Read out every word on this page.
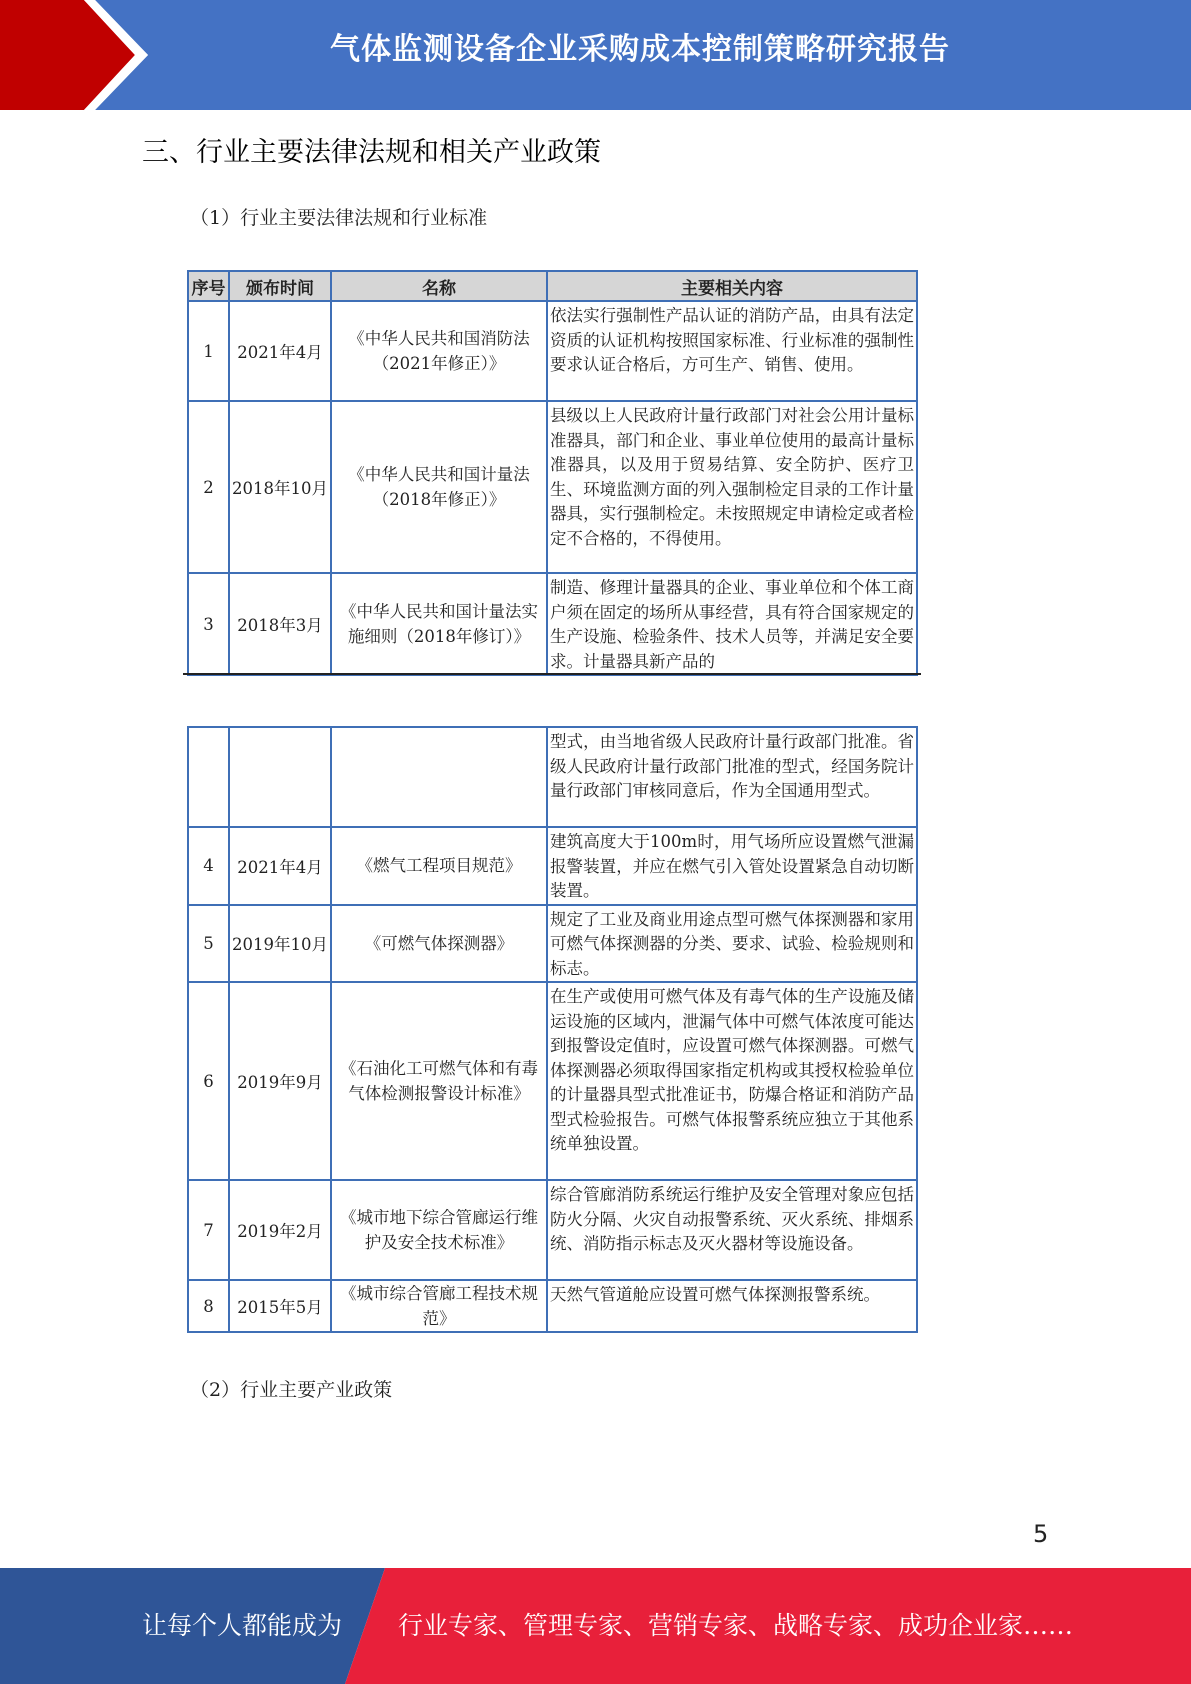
气体监测设备企业采购成本控制策略研究报告
三、行业主要法律法规和相关产业政策
（1）行业主要法律法规和行业标准
序号	颁布时间	名称	主要相关内容
1	2021年4月	《中华人民共和国消防法（2021年修正）》	依法实行强制性产品认证的消防产品，由具有法定资质的认证机构按照国家标准、行业标准的强制性要求认证合格后，方可生产、销售、使用。
2	2018年10月	《中华人民共和国计量法（2018年修正）》	县级以上人民政府计量行政部门对社会公用计量标准器具，部门和企业、事业单位使用的最高计量标准器具，以及用于贸易结算、安全防护、医疗卫生、环境监测方面的列入强制检定目录的工作计量器具，实行强制检定。未按照规定申请检定或者检定不合格的，不得使用。
3	2018年3月	《中华人民共和国计量法实施细则（2018年修订）》	制造、修理计量器具的企业、事业单位和个体工商户须在固定的场所从事经营，具有符合国家规定的生产设施、检验条件、技术人员等，并满足安全要求。计量器具新产品的
			型式，由当地省级人民政府计量行政部门批准。省级人民政府计量行政部门批准的型式，经国务院计量行政部门审核同意后，作为全国通用型式。
4	2021年4月	《燃气工程项目规范》	建筑高度大于100m时，用气场所应设置燃气泄漏报警装置，并应在燃气引入管处设置紧急自动切断装置。
5	2019年10月	《可燃气体探测器》	规定了工业及商业用途点型可燃气体探测器和家用可燃气体探测器的分类、要求、试验、检验规则和标志。
6	2019年9月	《石油化工可燃气体和有毒气体检测报警设计标准》	在生产或使用可燃气体及有毒气体的生产设施及储运设施的区域内，泄漏气体中可燃气体浓度可能达到报警设定值时，应设置可燃气体探测器。可燃气体探测器必须取得国家指定机构或其授权检验单位的计量器具型式批准证书，防爆合格证和消防产品型式检验报告。可燃气体报警系统应独立于其他系统单独设置。
7	2019年2月	《城市地下综合管廊运行维护及安全技术标准》	综合管廊消防系统运行维护及安全管理对象应包括防火分隔、火灾自动报警系统、灭火系统、排烟系统、消防指示标志及灭火器材等设施设备。
8	2015年5月	《城市综合管廊工程技术规范》	天然气管道舱应设置可燃气体探测报警系统。
（2）行业主要产业政策
5
让每个人都能成为 行业专家、管理专家、营销专家、战略专家、成功企业家……
